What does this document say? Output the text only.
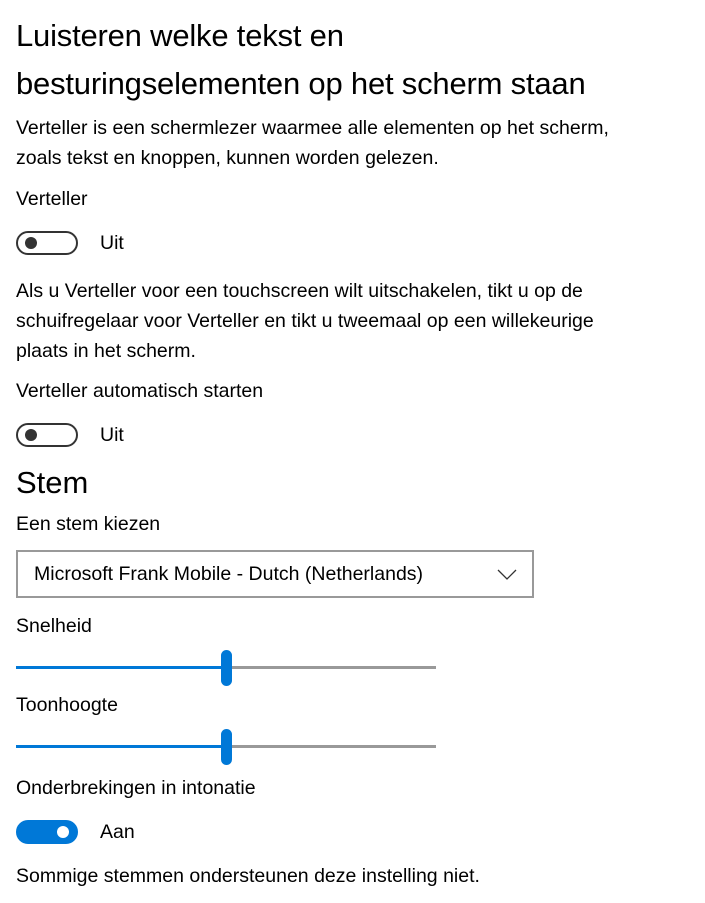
Luisteren welke tekst en
besturingselementen op het scherm staan
Verteller is een schermlezer waarmee alle elementen op het scherm,
zoals tekst en knoppen, kunnen worden gelezen.
Verteller
Uit
Als u Verteller voor een touchscreen wilt uitschakelen, tikt u op de
schuifregelaar voor Verteller en tikt u tweemaal op een willekeurige
plaats in het scherm.
Verteller automatisch starten
Uit
Stem
Een stem kiezen
Microsoft Frank Mobile - Dutch (Netherlands)
Snelheid
Toonhoogte
Onderbrekingen in intonatie
Aan
Sommige stemmen ondersteunen deze instelling niet.
